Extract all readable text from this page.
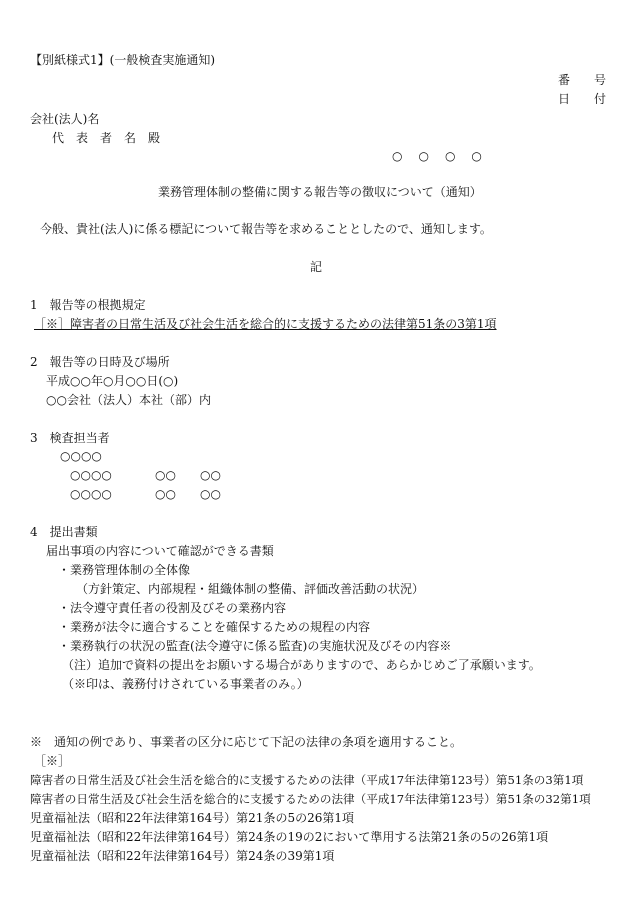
【別紙様式1】(一般検査実施通知)
番　　号
日　　付
会社(法人)名
代　表　者　名　殿
○　○　○　○
業務管理体制の整備に関する報告等の徴収について（通知）
今般、貴社(法人)に係る標記について報告等を求めることとしたので、通知します。
記
1　報告等の根拠規定
［※］障害者の日常生活及び社会生活を総合的に支援するための法律第51条の3第1項
2　報告等の日時及び場所
平成○○年○月○○日(○)
○○会社（法人）本社（部）内
3　検査担当者
○○○○
○○○○	○○ ○○
○○○○	○○ ○○
4　提出書類
届出事項の内容について確認ができる書類
・業務管理体制の全体像
（方針策定、内部規程・組織体制の整備、評価改善活動の状況）
・法令遵守責任者の役割及びその業務内容
・業務が法令に適合することを確保するための規程の内容
・業務執行の状況の監査(法令遵守に係る監査)の実施状況及びその内容※
（注）追加で資料の提出をお願いする場合がありますので、あらかじめご了承願います。
（※印は、義務付けされている事業者のみ。）
※　通知の例であり、事業者の区分に応じて下記の法律の条項を適用すること。
［※］
障害者の日常生活及び社会生活を総合的に支援するための法律（平成17年法律第123号）第51条の3第1項
障害者の日常生活及び社会生活を総合的に支援するための法律（平成17年法律第123号）第51条の32第1項
児童福祉法（昭和22年法律第164号）第21条の5の26第1項
児童福祉法（昭和22年法律第164号）第24条の19の2において準用する法第21条の5の26第1項
児童福祉法（昭和22年法律第164号）第24条の39第1項
